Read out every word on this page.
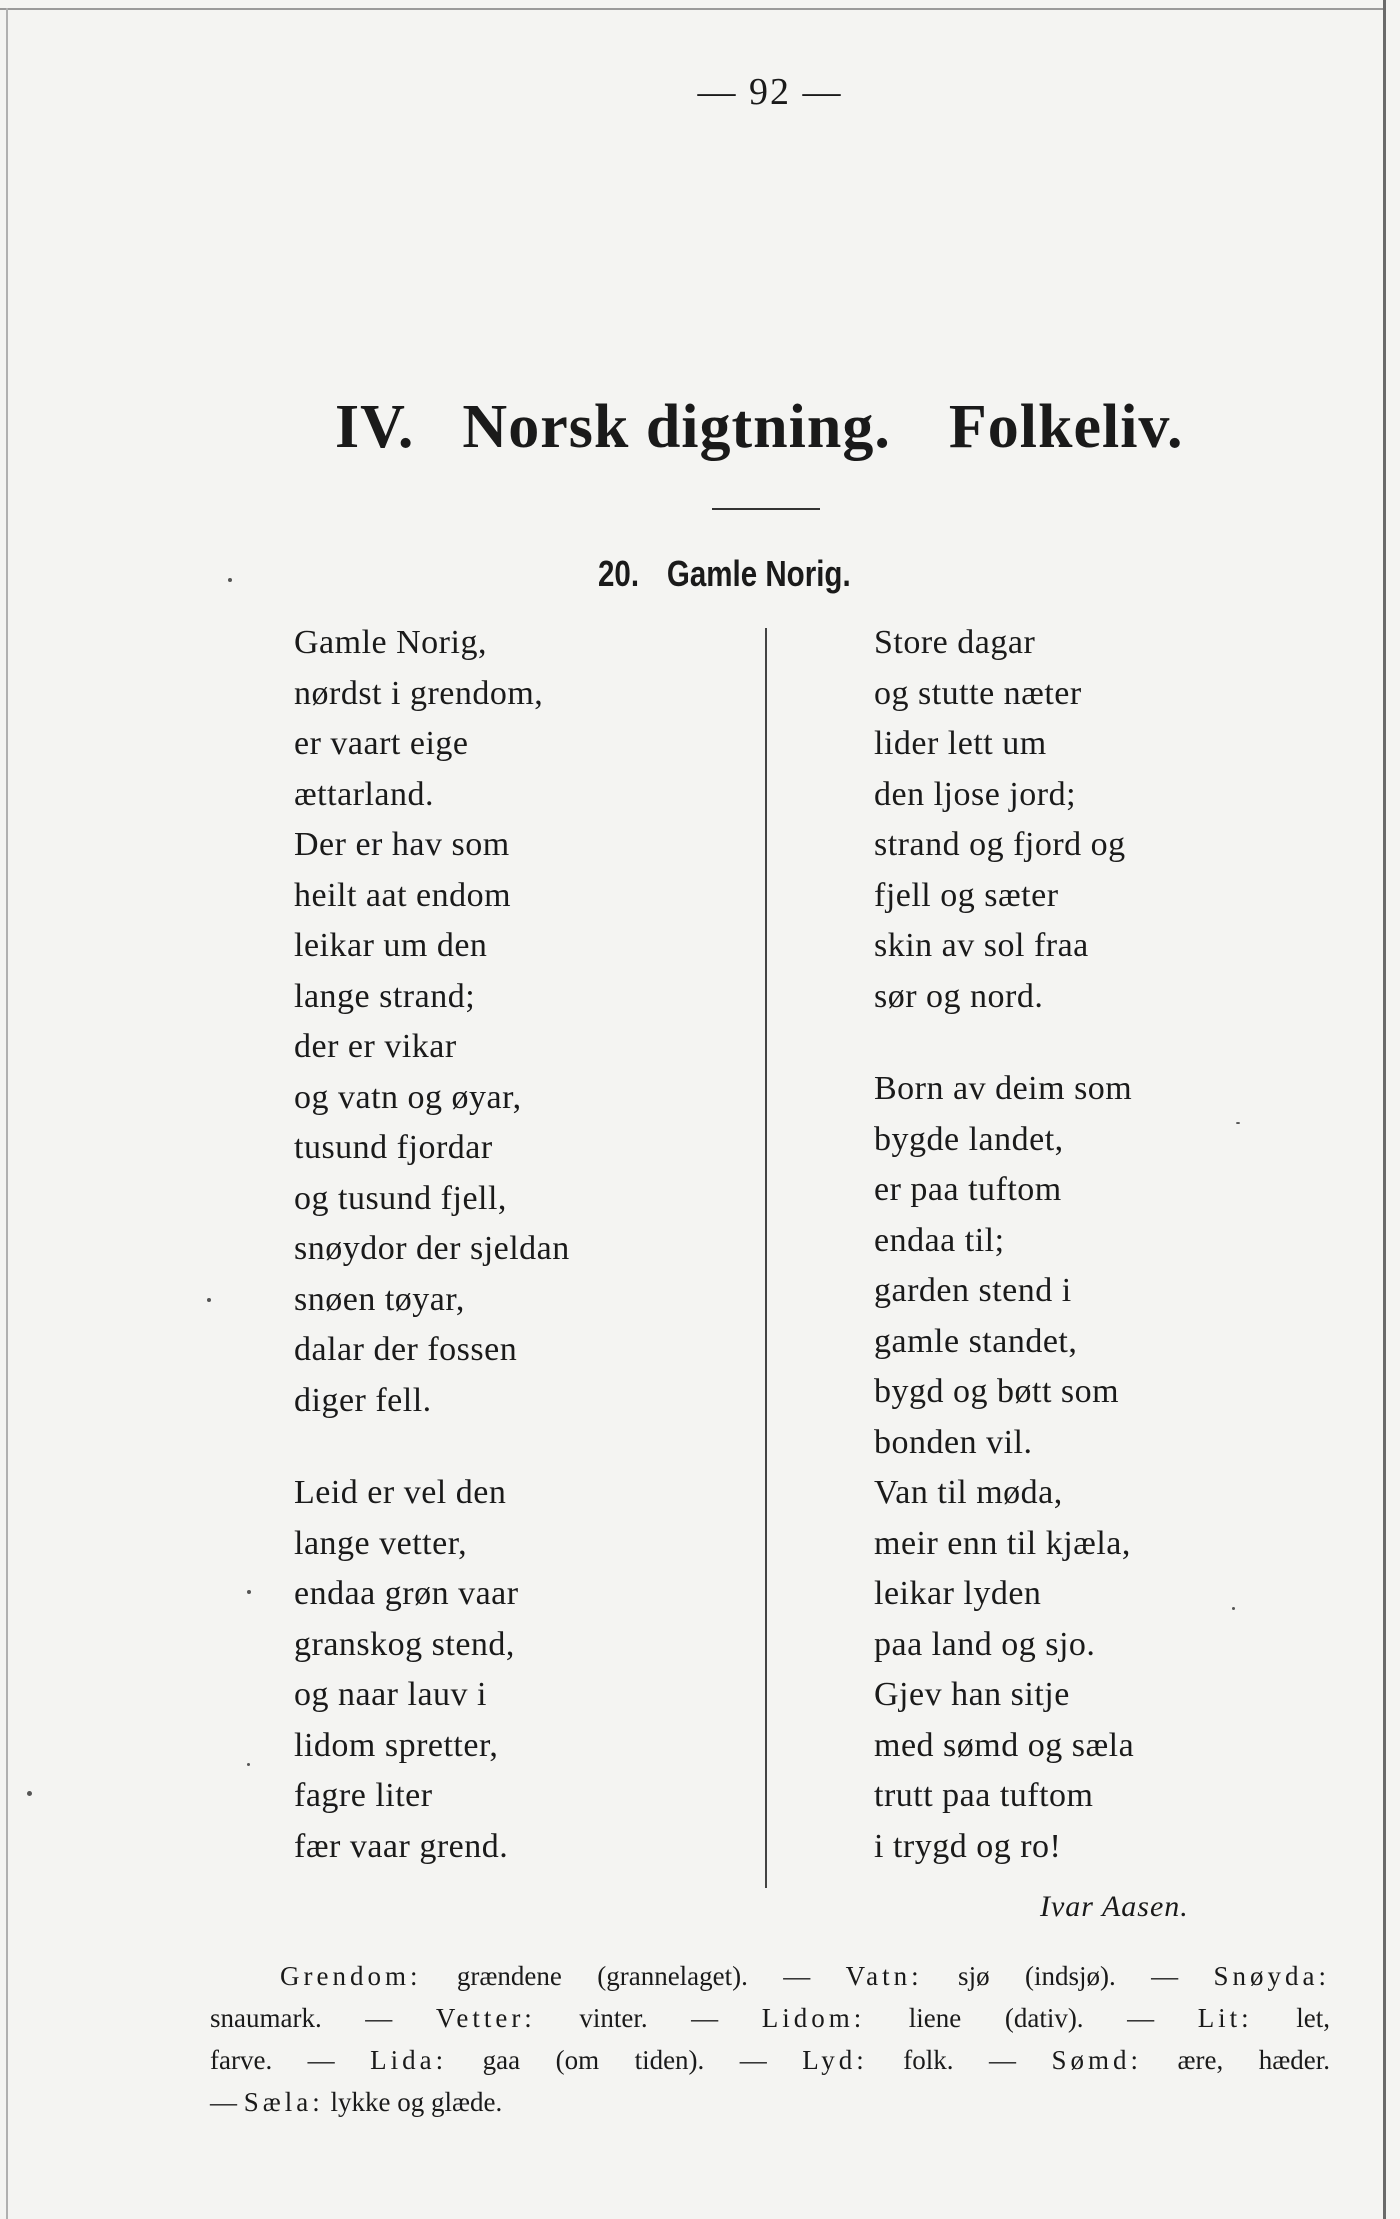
— 92 —
IV. Norsk digtning. Folkeliv.
20. Gamle Norig.
Gamle Norig,
nørdst i grendom,
er vaart eige
ættarland.
Der er hav som
heilt aat endom
leikar um den
lange strand;
der er vikar
og vatn og øyar,
tusund fjordar
og tusund fjell,
snøydor der sjeldan
snøen tøyar,
dalar der fossen
diger fell.
Leid er vel den
lange vetter,
endaa grøn vaar
granskog stend,
og naar lauv i
lidom spretter,
fagre liter
fær vaar grend.
Store dagar
og stutte næter
lider lett um
den ljose jord;
strand og fjord og
fjell og sæter
skin av sol fraa
sør og nord.
Born av deim som
bygde landet,
er paa tuftom
endaa til;
garden stend i
gamle standet,
bygd og bøtt som
bonden vil.
Van til møda,
meir enn til kjæla,
leikar lyden
paa land og sjo.
Gjev han sitje
med sømd og sæla
trutt paa tuftom
i trygd og ro!
Ivar Aasen.
Grendom: grændene (grannelaget). — Vatn: sjø (indsjø). — Snøyda:
snaumark. — Vetter: vinter. — Lidom: liene (dativ). — Lit: let,
farve. — Lida: gaa (om tiden). — Lyd: folk. — Sømd: ære, hæder.
— Sæla: lykke og glæde.
